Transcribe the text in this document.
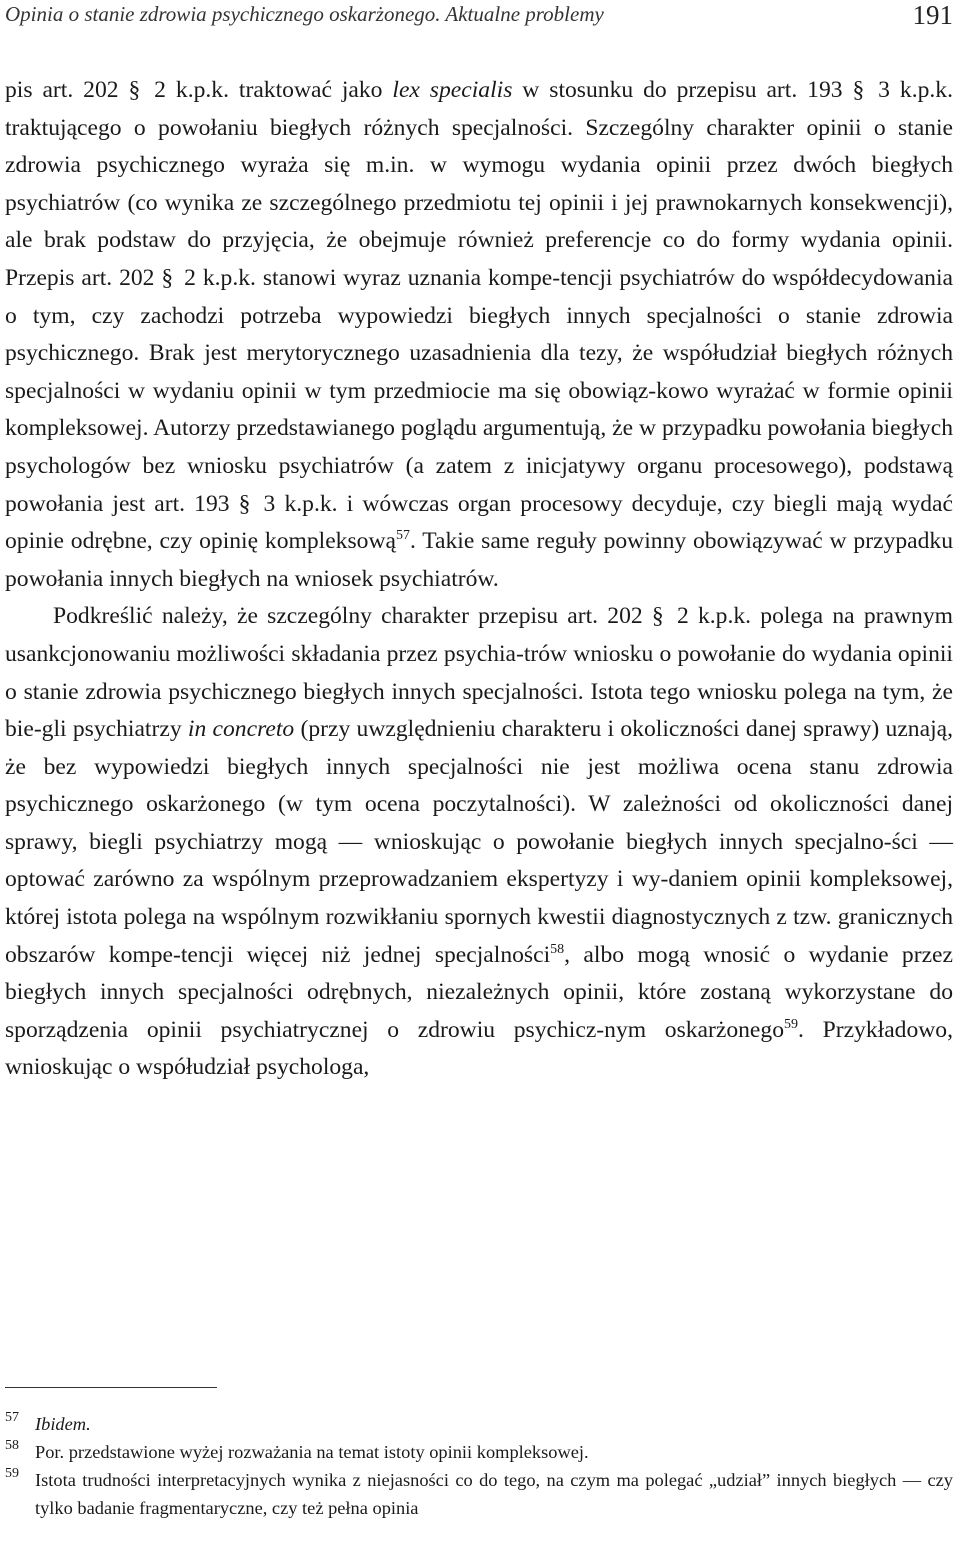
Opinia o stanie zdrowia psychicznego oskarżonego. Aktualne problemy	191

pis art. 202 § 2 k.p.k. traktować jako lex specialis w stosunku do przepisu art. 193 § 3 k.p.k. traktującego o powołaniu biegłych różnych specjalności. Szczególny charakter opinii o stanie zdrowia psychicznego wyraża się m.in. w wymogu wydania opinii przez dwóch biegłych psychiatrów (co wynika ze szczególnego przedmiotu tej opinii i jej prawnokarnych konsekwencji), ale brak podstaw do przyjęcia, że obejmuje również preferencje co do formy wydania opinii. Przepis art. 202 § 2 k.p.k. stanowi wyraz uznania kompe-tencji psychiatrów do współdecydowania o tym, czy zachodzi potrzeba wypowiedzi biegłych innych specjalności o stanie zdrowia psychicznego. Brak jest merytorycznego uzasadnienia dla tezy, że współudział biegłych różnych specjalności w wydaniu opinii w tym przedmiocie ma się obowiąz-kowo wyrażać w formie opinii kompleksowej. Autorzy przedstawianego poglądu argumentują, że w przypadku powołania biegłych psychologów bez wniosku psychiatrów (a zatem z inicjatywy organu procesowego), podstawą powołania jest art. 193 § 3 k.p.k. i wówczas organ procesowy decyduje, czy biegli mają wydać opinie odrębne, czy opinię kompleksową$^{57}$. Takie same reguły powinny obowiązywać w przypadku powołania innych biegłych na wniosek psychiatrów.

Podkreślić należy, że szczególny charakter przepisu art. 202 § 2 k.p.k. polega na prawnym usankcjonowaniu możliwości składania przez psychia-trów wniosku o powołanie do wydania opinii o stanie zdrowia psychicznego biegłych innych specjalności. Istota tego wniosku polega na tym, że bie-gli psychiatrzy in concreto (przy uwzględnieniu charakteru i okoliczności danej sprawy) uznają, że bez wypowiedzi biegłych innych specjalności nie jest możliwa ocena stanu zdrowia psychicznego oskarżonego (w tym ocena poczytalności). W zależności od okoliczności danej sprawy, biegli psychiatrzy mogą — wnioskując o powołanie biegłych innych specjalno-ści — optować zarówno za wspólnym przeprowadzaniem ekspertyzy i wy-daniem opinii kompleksowej, której istota polega na wspólnym rozwikłaniu spornych kwestii diagnostycznych z tzw. granicznych obszarów kompe-tencji więcej niż jednej specjalności$^{58}$, albo mogą wnosić o wydanie przez biegłych innych specjalności odrębnych, niezależnych opinii, które zostaną wykorzystane do sporządzenia opinii psychiatrycznej o zdrowiu psychicz-nym oskarżonego$^{59}$. Przykładowo, wnioskując o współudział psychologa,

57 Ibidem.
58 Por. przedstawione wyżej rozważania na temat istoty opinii kompleksowej.
59 Istota trudności interpretacyjnych wynika z niejasności co do tego, na czym ma polegać „udział” innych biegłych — czy tylko badanie fragmentaryczne, czy też pełna opinia
